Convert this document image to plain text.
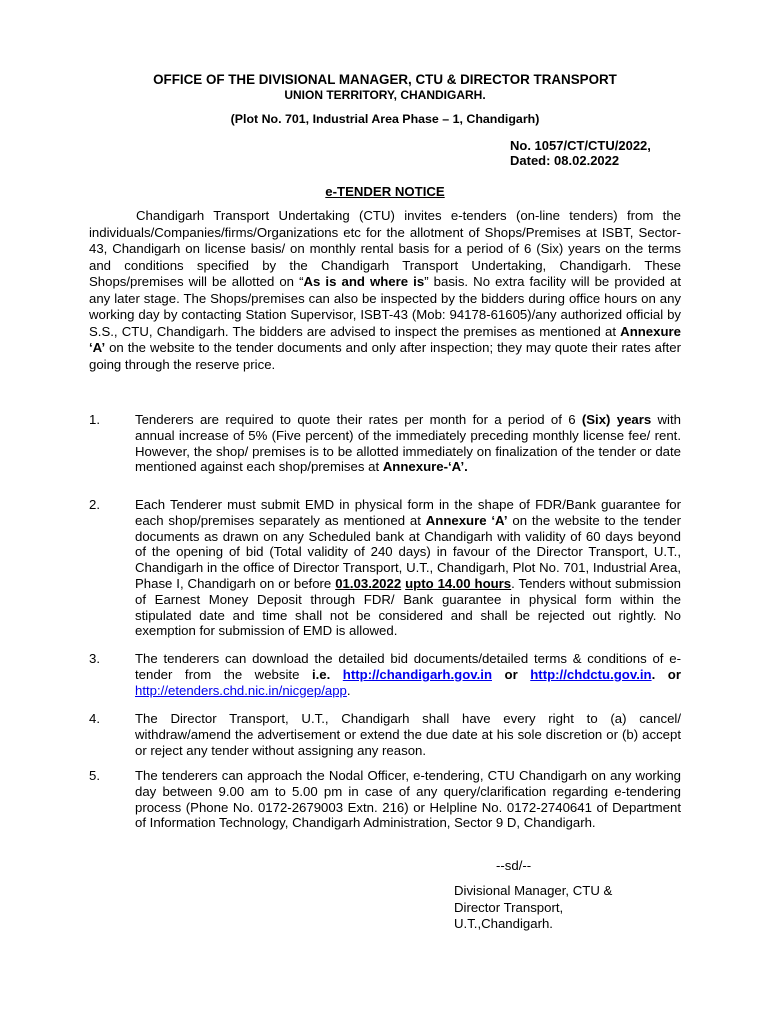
OFFICE OF THE DIVISIONAL MANAGER, CTU & DIRECTOR TRANSPORT
UNION TERRITORY, CHANDIGARH.
(Plot No. 701, Industrial Area Phase – 1, Chandigarh)
No. 1057/CT/CTU/2022,
Dated: 08.02.2022
e-TENDER NOTICE

Chandigarh Transport Undertaking (CTU) invites e-tenders (on-line tenders) from the individuals/Companies/firms/Organizations etc for the allotment of Shops/Premises at ISBT, Sector-43, Chandigarh on license basis/ on monthly rental basis for a period of 6 (Six) years on the terms and conditions specified by the Chandigarh Transport Undertaking, Chandigarh. These Shops/premises will be allotted on “As is and where is” basis. No extra facility will be provided at any later stage. The Shops/premises can also be inspected by the bidders during office hours on any working day by contacting Station Supervisor, ISBT-43 (Mob: 94178-61605)/any authorized official by S.S., CTU, Chandigarh. The bidders are advised to inspect the premises as mentioned at Annexure ‘A’ on the website to the tender documents and only after inspection; they may quote their rates after going through the reserve price.

1.	Tenderers are required to quote their rates per month for a period of 6 (Six) years with annual increase of 5% (Five percent) of the immediately preceding monthly license fee/ rent. However, the shop/ premises is to be allotted immediately on finalization of the tender or date mentioned against each shop/premises at Annexure-‘A’.

2.	Each Tenderer must submit EMD in physical form in the shape of FDR/Bank guarantee for each shop/premises separately as mentioned at Annexure ‘A’ on the website to the tender documents as drawn on any Scheduled bank at Chandigarh with validity of 60 days beyond of the opening of bid (Total validity of 240 days) in favour of the Director Transport, U.T., Chandigarh in the office of Director Transport, U.T., Chandigarh, Plot No. 701, Industrial Area, Phase I, Chandigarh on or before 01.03.2022 upto 14.00 hours. Tenders without submission of Earnest Money Deposit through FDR/ Bank guarantee in physical form within the stipulated date and time shall not be considered and shall be rejected out rightly. No exemption for submission of EMD is allowed.

3.	The tenderers can download the detailed bid documents/detailed terms & conditions of e-tender from the website i.e. http://chandigarh.gov.in or http://chdctu.gov.in. or http://etenders.chd.nic.in/nicgep/app.

4.	The Director Transport, U.T., Chandigarh shall have every right to (a) cancel/ withdraw/amend the advertisement or extend the due date at his sole discretion or (b) accept or reject any tender without assigning any reason.

5.	The tenderers can approach the Nodal Officer, e-tendering, CTU Chandigarh on any working day between 9.00 am to 5.00 pm in case of any query/clarification regarding e-tendering process (Phone No. 0172-2679003 Extn. 216) or Helpline No. 0172-2740641 of Department of Information Technology, Chandigarh Administration, Sector 9 D, Chandigarh.

--sd/--
Divisional Manager, CTU &
Director Transport,
U.T.,Chandigarh.
